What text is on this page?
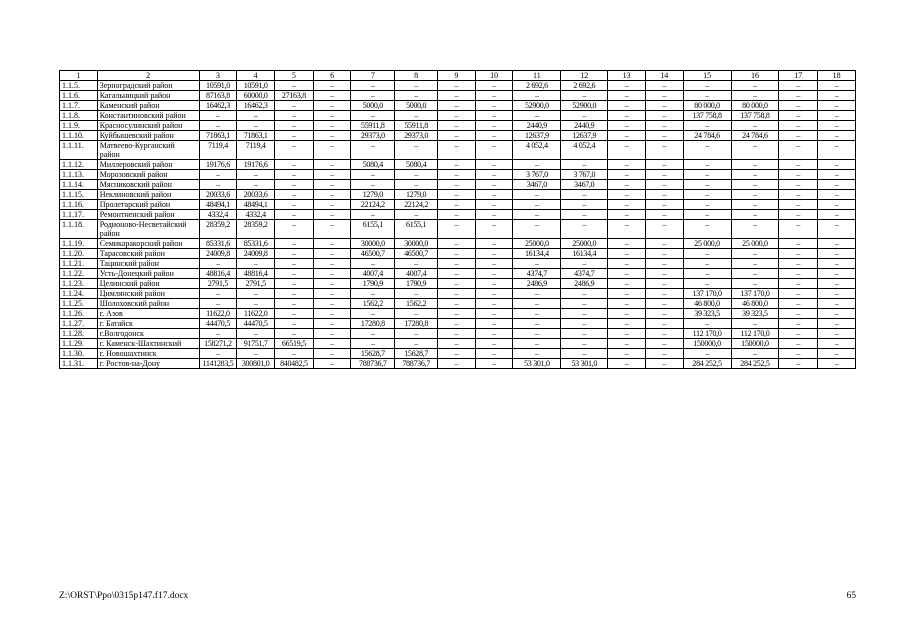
1	2	3	4	5	6	7	8	9	10	11	12	13	14	15	16	17	18
1.1.5.	Зерноградский район	10591,0	10591,0	–	–	–	–	–	–	2 692,6	2 692,6	–	–	–	–	–	–
1.1.6.	Кагальницкий район	87163,8	60000,0	27163,8	–	–	–	–	–	–	–	–	–	–	–	–	–
1.1.7.	Каменский район	16462,3	16462,3	–	–	5000,0	5000,0	–	–	52900,0	52900,0	–	–	80 000,0	80 000,0	–	–
1.1.8.	Константиновский район	–	–	–	–	–	–	–	–	–	–	–	–	137 758,8	137 758,8	–	–
1.1.9.	Красносулинский район	–	–	–	–	55911,8	55911,8	–	–	2440,9	2440,9	–	–	–	–	–	–
1.1.10.	Куйбышевский район	71863,1	71863,1	–	–	29373,0	29373,0	–	–	12637,9	12637,9	–	–	24 784,6	24 784,6	–	–
1.1.11.	Матвеево-Курганский район	7119,4	7119,4	–	–	–	–	–	–	4 052,4	4 052,4	–	–	–	–	–	–
1.1.12.	Миллеровский район	19176,6	19176,6	–	–	5080,4	5080,4	–	–	–	–	–	–	–	–	–	–
1.1.13.	Морозовский район	–	–	–	–	–	–	–	–	3 767,0	3 767,0	–	–	–	–	–	–
1.1.14.	Мясниковский район	–	–	–	–	–	–	–	–	3467,0	3467,0	–	–	–	–	–	–
1.1.15.	Неклиновский район	20033,6	20033,6	–	–	1279,0	1279,0	–	–	–	–	–	–	–	–	–	–
1.1.16.	Пролетарский район	48494,1	48494,1	–	–	22124,2	22124,2	–	–	–	–	–	–	–	–	–	–
1.1.17.	Ремонтненский район	4332,4	4332,4	–	–	–	–	–	–	–	–	–	–	–	–	–	–
1.1.18.	Родионово-Несветайский район	28359,2	28359,2	–	–	6155,1	6155,1	–	–	–	–	–	–	–	–	–	–
1.1.19.	Семикаракорский район	85331,6	85331,6	–	–	30000,0	30000,0	–	–	25000,0	25000,0	–	–	25 000,0	25 000,0	–	–
1.1.20.	Тарасовский район	24009,8	24009,8	–	–	46500,7	46500,7	–	–	16134,4	16134,4	–	–	–	–	–	–
1.1.21.	Тацинский район	–	–	–	–	–	–	–	–	–	–	–	–	–	–	–	–
1.1.22.	Усть-Донецкий район	48816,4	48816,4	–	–	4007,4	4007,4	–	–	4374,7	4374,7	–	–	–	–	–	–
1.1.23.	Целинский район	2791,5	2791,5	–	–	1790,9	1790,9	–	–	2486,9	2486,9	–	–	–	–	–	–
1.1.24.	Цимлянский район	–	–	–	–	–	–	–	–	–	–	–	–	137 170,0	137 170,0	–	–
1.1.25.	Шолоховский район	–	–	–	–	1562,2	1562,2	–	–	–	–	–	–	46 800,0	46 800,0	–	–
1.1.26.	г. Азов	11622,0	11622,0	–	–	–	–	–	–	–	–	–	–	39 323,5	39 323,5	–	–
1.1.27.	г. Батайск	44470,5	44470,5	–	–	17280,8	17280,8	–	–	–	–	–	–	–	–	–	–
1.1.28.	г.Волгодонск	–	–	–	–	–	–	–	–	–	–	–	–	112 170,0	112 170,0	–	–
1.1.29.	г. Каменск-Шахтинский	158271,2	91751,7	66519,5	–	–	–	–	–	–	–	–	–	150000,0	150000,0	–	–
1.1.30.	г. Новошахтинск	–	–	–	–	15628,7	15628,7	–	–	–	–	–	–	–	–	–	–
1.1.31.	г. Ростов-на-Дону	1141283,5	300801,0	840482,5	–	788736,7	788736,7	–	–	53 301,0	53 301,0	–	–	284 252,5	284 252,5	–	–
Z:\ORST\Ppo\0315p147.f17.docx	65
